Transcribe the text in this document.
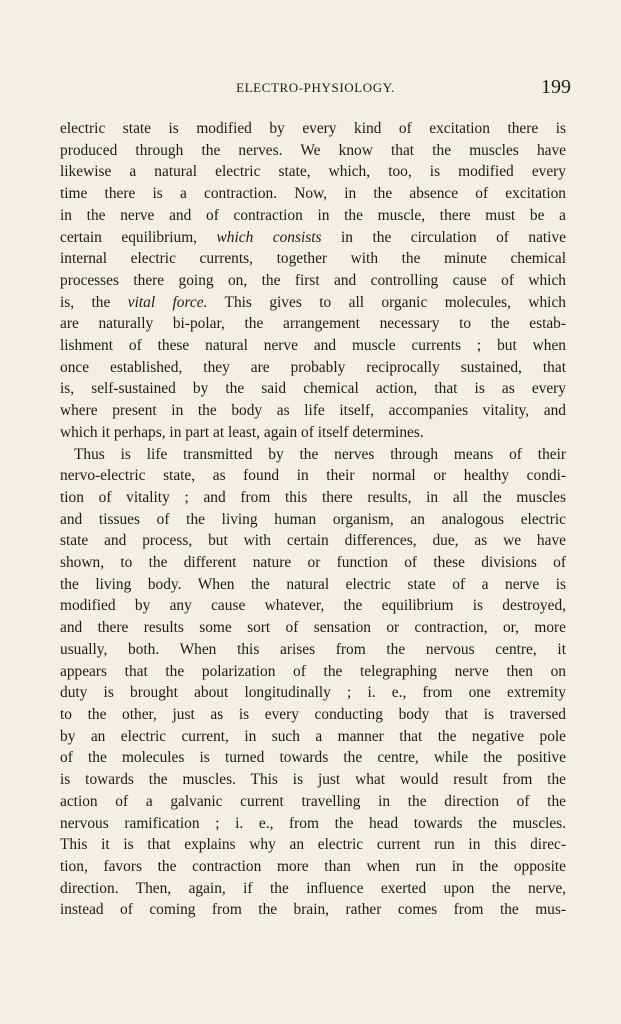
ELECTRO-PHYSIOLOGY.	199
electric state is modified by every kind of excitation there is
produced through the nerves. We know that the muscles have
likewise a natural electric state, which, too, is modified every
time there is a contraction. Now, in the absence of excitation
in the nerve and of contraction in the muscle, there must be a
certain equilibrium, which consists in the circulation of native
internal electric currents, together with the minute chemical
processes there going on, the first and controlling cause of which
is, the vital force. This gives to all organic molecules, which
are naturally bi-polar, the arrangement necessary to the estab-
lishment of these natural nerve and muscle currents ; but when
once established, they are probably reciprocally sustained, that
is, self-sustained by the said chemical action, that is as every
where present in the body as life itself, accompanies vitality, and
which it perhaps, in part at least, again of itself determines.
Thus is life transmitted by the nerves through means of their
nervo-electric state, as found in their normal or healthy condi-
tion of vitality ; and from this there results, in all the muscles
and tissues of the living human organism, an analogous electric
state and process, but with certain differences, due, as we have
shown, to the different nature or function of these divisions of
the living body. When the natural electric state of a nerve is
modified by any cause whatever, the equilibrium is destroyed,
and there results some sort of sensation or contraction, or, more
usually, both. When this arises from the nervous centre, it
appears that the polarization of the telegraphing nerve then on
duty is brought about longitudinally ; i. e., from one extremity
to the other, just as is every conducting body that is traversed
by an electric current, in such a manner that the negative pole
of the molecules is turned towards the centre, while the positive
is towards the muscles. This is just what would result from the
action of a galvanic current travelling in the direction of the
nervous ramification ; i. e., from the head towards the muscles.
This it is that explains why an electric current run in this direc-
tion, favors the contraction more than when run in the opposite
direction. Then, again, if the influence exerted upon the nerve,
instead of coming from the brain, rather comes from the mus-
